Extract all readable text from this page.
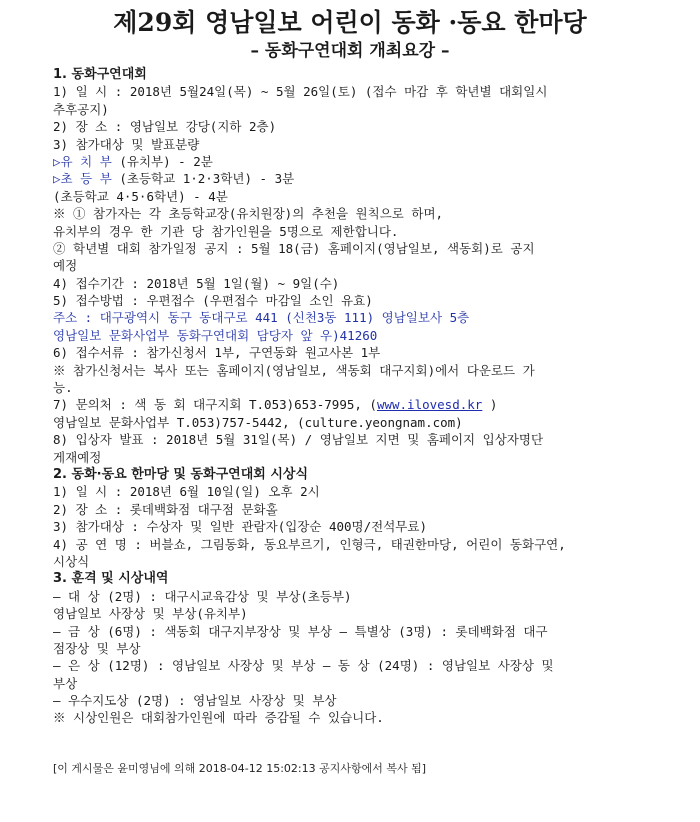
제29회 영남일보 어린이 동화 ·동요 한마당
– 동화구연대회 개최요강 –
1. 동화구연대회
1) 일 시 : 2018년 5월24일(목) ~ 5월 26일(토) (접수 마감 후 학년별 대회일시
추후공지)
2) 장 소 : 영남일보 강당(지하 2층)
3) 참가대상 및 발표분량
▷유 치 부 (유치부) - 2분
▷초 등 부 (초등학교 1·2·3학년) - 3분
(초등학교 4·5·6학년) - 4분
※ ① 참가자는 각 초등학교장(유치원장)의 추천을 원칙으로 하며,
유치부의 경우 한 기관 당 참가인원을 5명으로 제한합니다.
② 학년별 대회 참가일정 공지 : 5월 18(금) 홈페이지(영남일보, 색동회)로 공지
예정
4) 접수기간 : 2018년 5월 1일(월) ~ 9일(수)
5) 접수방법 : 우편접수 (우편접수 마감일 소인 유효)
주소 : 대구광역시 동구 동대구로 441 (신천3동 111) 영남일보사 5층
영남일보 문화사업부 동화구연대회 담당자 앞 우)41260
6) 접수서류 : 참가신청서 1부, 구연동화 원고사본 1부
※ 참가신청서는 복사 또는 홈페이지(영남일보, 색동회 대구지회)에서 다운로드 가
능.
7) 문의처 : 색 동 회 대구지회 T.053)653-7995, (www.ilovesd.kr )
영남일보 문화사업부 T.053)757-5442, (culture.yeongnam.com)
8) 입상자 발표 : 2018년 5월 31일(목) / 영남일보 지면 및 홈페이지 입상자명단
게재예정
2. 동화·동요 한마당 및 동화구연대회 시상식
1) 일 시 : 2018년 6월 10일(일) 오후 2시
2) 장 소 : 롯데백화점 대구점 문화홀
3) 참가대상 : 수상자 및 일반 관람자(입장순 400명/전석무료)
4) 공 연 명 : 버블쇼, 그림동화, 동요부르기, 인형극, 태권한마당, 어린이 동화구연,
시상식
3. 훈격 및 시상내역
– 대 상 (2명) : 대구시교육감상 및 부상(초등부)
영남일보 사장상 및 부상(유치부)
– 금 상 (6명) : 색동회 대구지부장상 및 부상 – 특별상 (3명) : 롯데백화점 대구
점장상 및 부상
– 은 상 (12명) : 영남일보 사장상 및 부상 – 동 상 (24명) : 영남일보 사장상 및
부상
– 우수지도상 (2명) : 영남일보 사장상 및 부상
※ 시상인원은 대회참가인원에 따라 증감될 수 있습니다.
[이 게시물은 윤미영님에 의해 2018-04-12 15:02:13 공지사항에서 복사 됨]
